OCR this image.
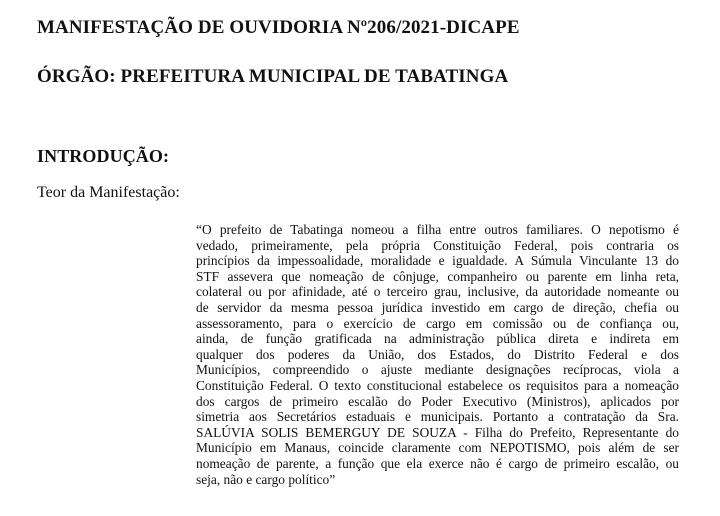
MANIFESTAÇÃO DE OUVIDORIA Nº206/2021-DICAPE
ÓRGÃO: PREFEITURA MUNICIPAL DE TABATINGA
INTRODUÇÃO:

Teor da Manifestação:

“O prefeito de Tabatinga nomeou a filha entre outros familiares. O nepotismo é
vedado, primeiramente, pela própria Constituição Federal, pois contraria os
princípios da impessoalidade, moralidade e igualdade. A Súmula Vinculante 13 do
STF assevera que nomeação de cônjuge, companheiro ou parente em linha reta,
colateral ou por afinidade, até o terceiro grau, inclusive, da autoridade nomeante ou
de servidor da mesma pessoa jurídica investido em cargo de direção, chefia ou
assessoramento, para o exercício de cargo em comissão ou de confiança ou,
ainda, de função gratificada na administração pública direta e indireta em
qualquer dos poderes da União, dos Estados, do Distrito Federal e dos
Municípios, compreendido o ajuste mediante designações recíprocas, viola a
Constituição Federal. O texto constitucional estabelece os requisitos para a nomeação
dos cargos de primeiro escalão do Poder Executivo (Ministros), aplicados por
simetria aos Secretários estaduais e municipais. Portanto a contratação da Sra.
SALÚVIA SOLIS BEMERGUY DE SOUZA - Filha do Prefeito, Representante do
Município em Manaus, coincide claramente com NEPOTISMO, pois além de ser
nomeação de parente, a função que ela exerce não é cargo de primeiro escalão, ou
seja, não e cargo político”
